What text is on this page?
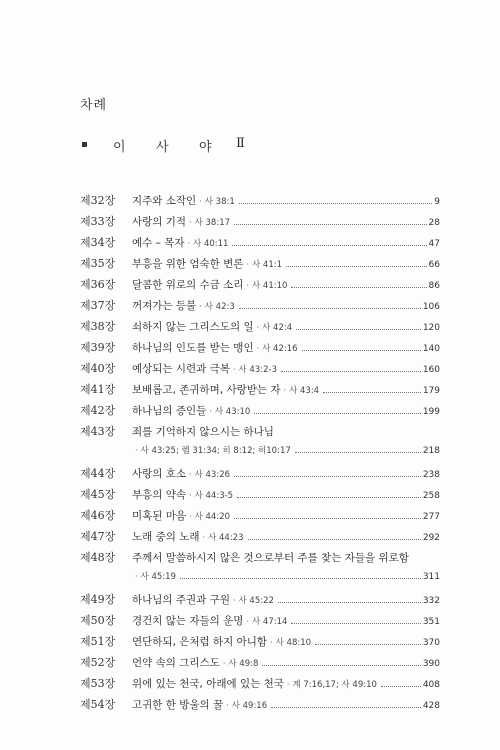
차례
이 사 야 Ⅱ
제32장	지주와 소작인 · 사 38:1	9
제33장	사랑의 기적 · 사 38:17	28
제34장	예수 – 목자 · 사 40:11	47
제35장	부흥을 위한 엄숙한 변론 · 사 41:1	66
제36장	달콤한 위로의 수금 소리 · 사 41:10	86
제37장	꺼져가는 등불 · 사 42:3	106
제38장	쇠하지 않는 그리스도의 일 · 사 42:4	120
제39장	하나님의 인도를 받는 맹인 · 사 42:16	140
제40장	예상되는 시련과 극복 · 사 43:2-3	160
제41장	보배롭고, 존귀하며, 사랑받는 자 · 사 43:4	179
제42장	하나님의 증인들 · 사 43:10	199
제43장	죄를 기억하지 않으시는 하나님
· 사 43:25; 렘 31:34; 히 8:12; 히10:17	218
제44장	사랑의 호소 · 사 43:26	238
제45장	부흥의 약속 · 사 44:3-5	258
제46장	미혹된 마음 · 사 44:20	277
제47장	노래 중의 노래 · 사 44:23	292
제48장	주께서 말씀하시지 않은 것으로부터 주를 찾는 자들을 위로함
· 사 45:19	311
제49장	하나님의 주권과 구원 · 사 45:22	332
제50장	경건치 않는 자들의 운명 · 사 47:14	351
제51장	연단하되, 은처럼 하지 아니함 · 사 48:10	370
제52장	언약 속의 그리스도 · 사 49:8	390
제53장	위에 있는 천국, 아래에 있는 천국 · 계 7:16,17; 사 49:10	408
제54장	고귀한 한 방울의 꿀 · 사 49:16	428
